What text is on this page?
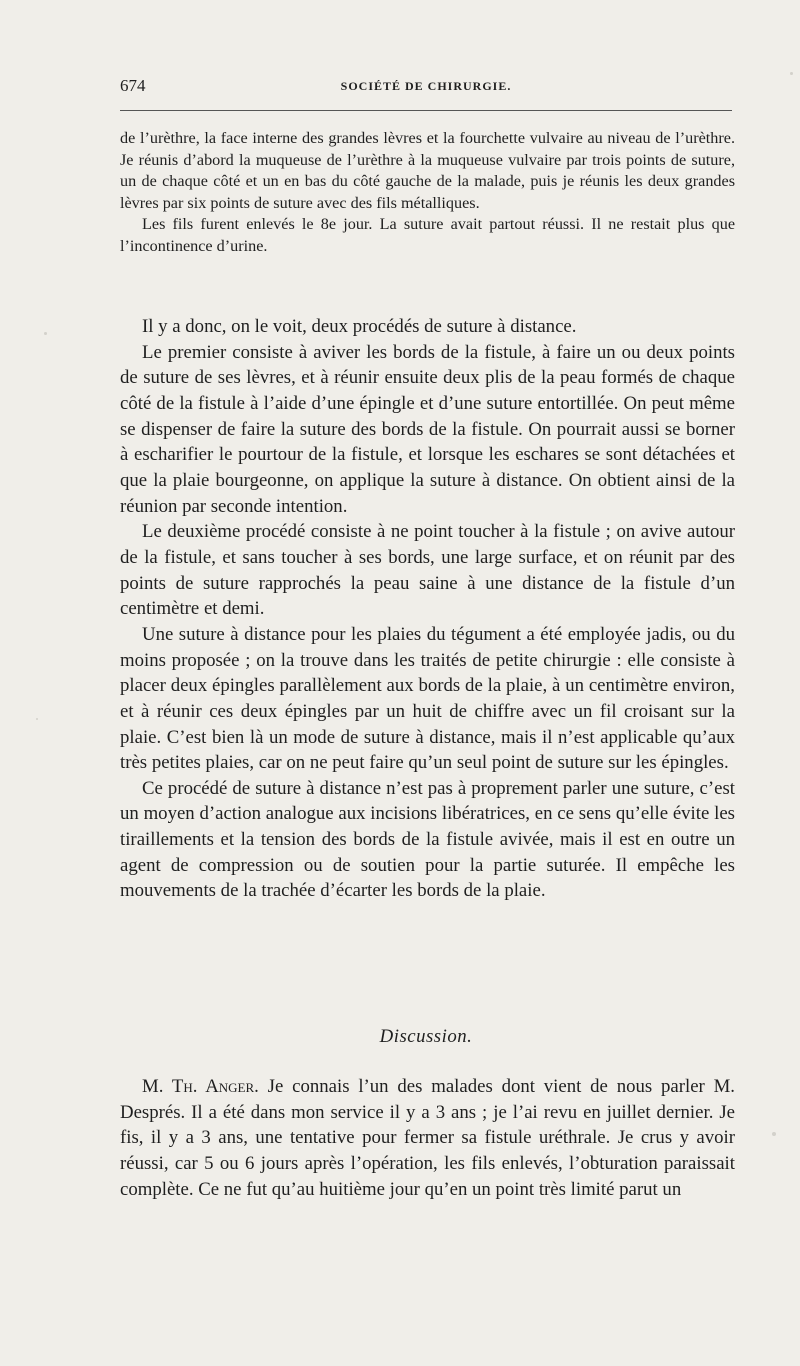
674	SOCIÉTÉ DE CHIRURGIE.

de l’urèthre, la face interne des grandes lèvres et la fourchette vulvaire au niveau de l’urèthre. Je réunis d’abord la muqueuse de l’urèthre à la muqueuse vulvaire par trois points de suture, un de chaque côté et un en bas du côté gauche de la malade, puis je réunis les deux grandes lèvres par six points de suture avec des fils métalliques.

Les fils furent enlevés le 8e jour. La suture avait partout réussi. Il ne restait plus que l’incontinence d’urine.

Il y a donc, on le voit, deux procédés de suture à distance.

Le premier consiste à aviver les bords de la fistule, à faire un ou deux points de suture de ses lèvres, et à réunir ensuite deux plis de la peau formés de chaque côté de la fistule à l’aide d’une épingle et d’une suture entortillée. On peut même se dispenser de faire la suture des bords de la fistule. On pourrait aussi se borner à escharifier le pourtour de la fistule, et lorsque les eschares se sont détachées et que la plaie bourgeonne, on applique la suture à distance. On obtient ainsi de la réunion par seconde intention.

Le deuxième procédé consiste à ne point toucher à la fistule ; on avive autour de la fistule, et sans toucher à ses bords, une large surface, et on réunit par des points de suture rapprochés la peau saine à une distance de la fistule d’un centimètre et demi.

Une suture à distance pour les plaies du tégument a été employée jadis, ou du moins proposée ; on la trouve dans les traités de petite chirurgie : elle consiste à placer deux épingles parallèlement aux bords de la plaie, à un centimètre environ, et à réunir ces deux épingles par un huit de chiffre avec un fil croisant sur la plaie. C’est bien là un mode de suture à distance, mais il n’est applicable qu’aux très petites plaies, car on ne peut faire qu’un seul point de suture sur les épingles.

Ce procédé de suture à distance n’est pas à proprement parler une suture, c’est un moyen d’action analogue aux incisions libératrices, en ce sens qu’elle évite les tiraillements et la tension des bords de la fistule avivée, mais il est en outre un agent de compression ou de soutien pour la partie suturée. Il empêche les mouvements de la trachée d’écarter les bords de la plaie.

Discussion.

M. Th. Anger. Je connais l’un des malades dont vient de nous parler M. Després. Il a été dans mon service il y a 3 ans ; je l’ai revu en juillet dernier. Je fis, il y a 3 ans, une tentative pour fermer sa fistule uréthrale. Je crus y avoir réussi, car 5 ou 6 jours après l’opération, les fils enlevés, l’obturation paraissait complète. Ce ne fut qu’au huitième jour qu’en un point très limité parut un
